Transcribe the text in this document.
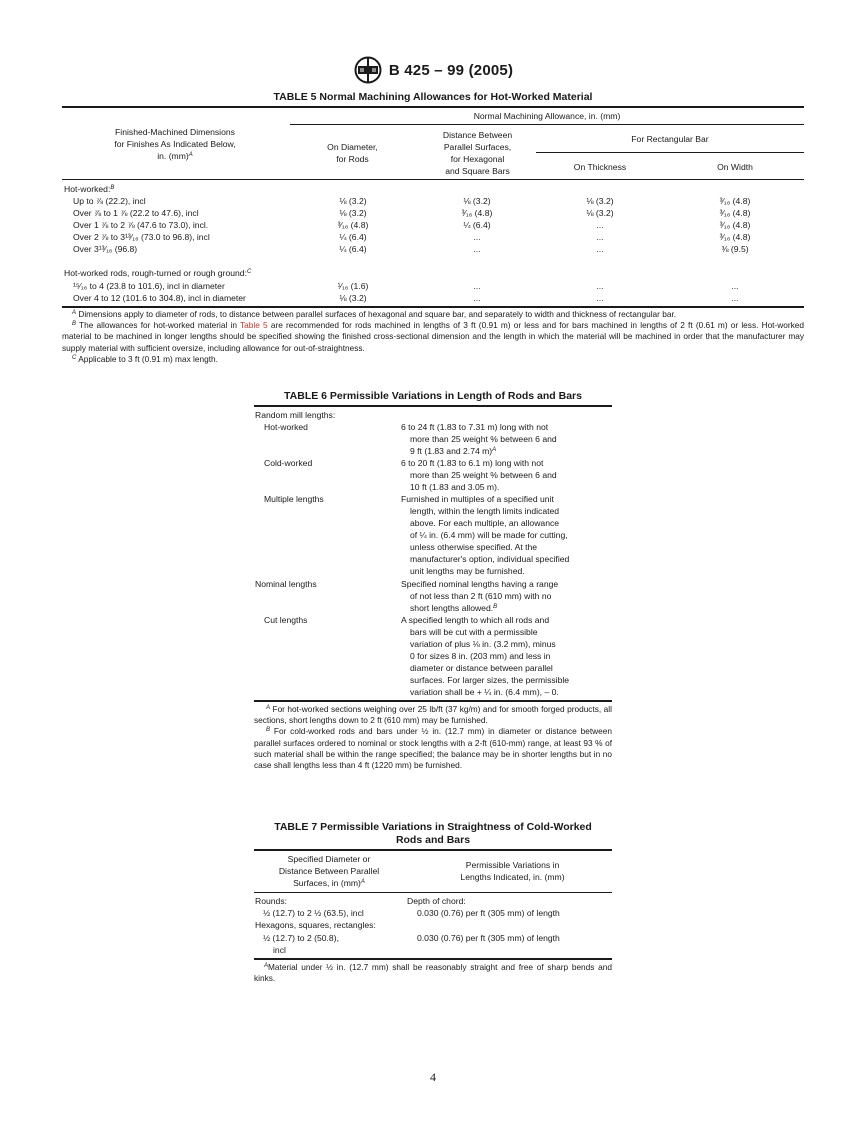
B 425 – 99 (2005)
TABLE 5 Normal Machining Allowances for Hot-Worked Material
Normal Machining Allowance, in. (mm)
Finished-Machined Dimensions
for Finishes As Indicated Below,
in. (mm)$^A$
On Diameter,
for Rods
Distance Between
Parallel Surfaces,
for Hexagonal
and Square Bars
For Rectangular Bar
On Thickness	On Width
Hot-worked:$^B$
Up to ⅞ (22.2), incl	⅛ (3.2)	⅛ (3.2)	⅛ (3.2)	³⁄₁₆ (4.8)
Over ⅞ to 1 ⅞ (22.2 to 47.6), incl	⅛ (3.2)	³⁄₁₆ (4.8)	⅛ (3.2)	³⁄₁₆ (4.8)
Over 1 ⅞ to 2 ⅞ (47.6 to 73.0), incl.	³⁄₁₆ (4.8)	¼ (6.4)	...	³⁄₁₆ (4.8)
Over 2 ⅞ to 3¹³⁄₁₆ (73.0 to 96.8), incl	¼ (6.4)	...	...	³⁄₁₆ (4.8)
Over 3¹³⁄₁₆ (96.8)	¼ (6.4)	...	...	⅜ (9.5)
Hot-worked rods, rough-turned or rough ground:$^C$
¹⁵⁄₁₆ to 4 (23.8 to 101.6), incl in diameter	¹⁄₁₆ (1.6)	...	...	...
Over 4 to 12 (101.6 to 304.8), incl in diameter	⅛ (3.2)	...	...	...
$^A$ Dimensions apply to diameter of rods, to distance between parallel surfaces of hexagonal and square bar, and separately to width and thickness of rectangular bar.
$^B$ The allowances for hot-worked material in Table 5 are recommended for rods machined in lengths of 3 ft (0.91 m) or less and for bars machined in lengths of 2 ft (0.61 m) or less. Hot-worked material to be machined in longer lengths should be specified showing the finished cross-sectional dimension and the length in which the material will be machined in order that the manufacturer may supply material with sufficient oversize, including allowance for out-of-straightness.
$^C$ Applicable to 3 ft (0.91 m) max length.
TABLE 6 Permissible Variations in Length of Rods and Bars
Random mill lengths:
Hot-worked	6 to 24 ft (1.83 to 7.31 m) long with not
more than 25 weight % between 6 and
9 ft (1.83 and 2.74 m)$^A$
Cold-worked	6 to 20 ft (1.83 to 6.1 m) long with not
more than 25 weight % between 6 and
10 ft (1.83 and 3.05 m).
Multiple lengths	Furnished in multiples of a specified unit
length, within the length limits indicated
above. For each multiple, an allowance
of ¼ in. (6.4 mm) will be made for cutting,
unless otherwise specified. At the
manufacturer's option, individual specified
unit lengths may be furnished.
Nominal lengths	Specified nominal lengths having a range
of not less than 2 ft (610 mm) with no
short lengths allowed.$^B$
Cut lengths	A specified length to which all rods and
bars will be cut with a permissible
variation of plus ⅛ in. (3.2 mm), minus
0 for sizes 8 in. (203 mm) and less in
diameter or distance between parallel
surfaces. For larger sizes, the permissible
variation shall be + ¼ in. (6.4 mm), – 0.
$^A$ For hot-worked sections weighing over 25 lb/ft (37 kg/m) and for smooth forged products, all sections, short lengths down to 2 ft (610 mm) may be furnished.
$^B$ For cold-worked rods and bars under ½ in. (12.7 mm) in diameter or distance between parallel surfaces ordered to nominal or stock lengths with a 2-ft (610-mm) range, at least 93 % of such material shall be within the range specified; the balance may be in shorter lengths but in no case shall lengths less than 4 ft (1220 mm) be furnished.
TABLE 7 Permissible Variations in Straightness of Cold-Worked
Rods and Bars
Specified Diameter or
Distance Between Parallel
Surfaces, in (mm)$^A$
Permissible Variations in
Lengths Indicated, in. (mm)
Rounds:	Depth of chord:
½ (12.7) to 2 ½ (63.5), incl	0.030 (0.76) per ft (305 mm) of length
Hexagons, squares, rectangles:
½ (12.7) to 2 (50.8),	0.030 (0.76) per ft (305 mm) of length
incl
$^A$Material under ½ in. (12.7 mm) shall be reasonably straight and free of sharp bends and kinks.
4
